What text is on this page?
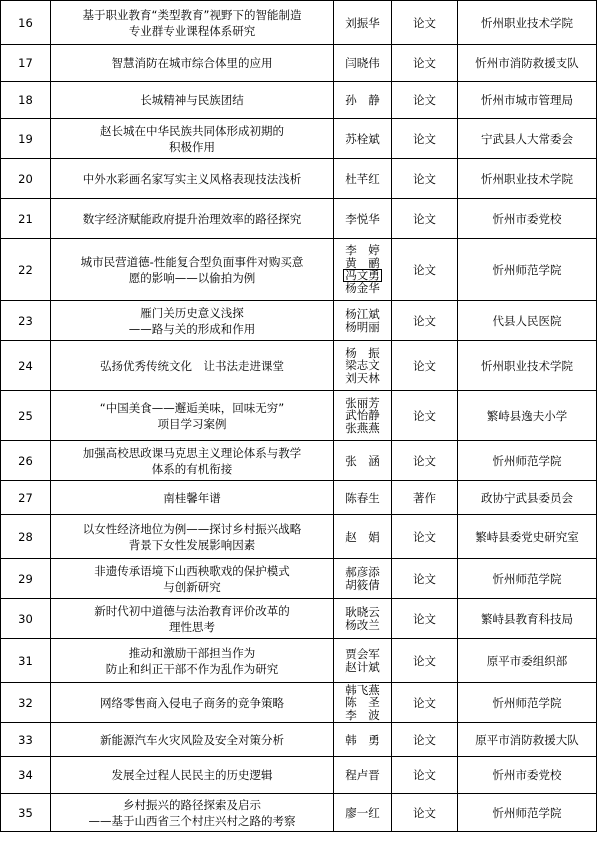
16	基于职业教育“类型教育”视野下的智能制造
专业群专业课程体系研究	刘振华	论文	忻州职业技术学院
17	智慧消防在城市综合体里的应用	闫晓伟	论文	忻州市消防救援支队
18	长城精神与民族团结	孙　静	论文	忻州市城市管理局
19	赵长城在中华民族共同体形成初期的
积极作用	苏栓斌	论文	宁武县人大常委会
20	中外水彩画名家写实主义风格表现技法浅析	杜芊红	论文	忻州职业技术学院
21	数字经济赋能政府提升治理效率的路径探究	李悦华	论文	忻州市委党校
22	城市民营道德-性能复合型负面事件对购买意
愿的影响——以偷拍为例	李　婷
黄　鹂
冯文勇
杨金华	论文	忻州师范学院
23	雁门关历史意义浅探
——路与关的形成和作用	杨江斌
杨明丽	论文	代县人民医院
24	弘扬优秀传统文化　让书法走进课堂	杨　振
梁志文
刘天林	论文	忻州职业技术学院
25	“中国美食——邂逅美味，回味无穷”
项目学习案例	张丽芳
武怡静
张燕燕	论文	繁峙县逸夫小学
26	加强高校思政课马克思主义理论体系与教学
体系的有机衔接	张　涵	论文	忻州师范学院
27	南桂馨年谱	陈春生	著作	政协宁武县委员会
28	以女性经济地位为例——探讨乡村振兴战略
背景下女性发展影响因素	赵　娟	论文	繁峙县委党史研究室
29	非遗传承语境下山西秧歌戏的保护模式
与创新研究	郝彦添
胡筱倩	论文	忻州师范学院
30	新时代初中道德与法治教育评价改革的
理性思考	耿晓云
杨改兰	论文	繁峙县教育科技局
31	推动和激励干部担当作为
防止和纠正干部不作为乱作为研究	贾会军
赵计斌	论文	原平市委组织部
32	网络零售商入侵电子商务的竞争策略	韩飞燕
陈　圣
李　波	论文	忻州师范学院
33	新能源汽车火灾风险及安全对策分析	韩　勇	论文	原平市消防救援大队
34	发展全过程人民民主的历史逻辑	程卢晋	论文	忻州市委党校
35	乡村振兴的路径探索及启示
——基于山西省三个村庄兴村之路的考察	廖一红	论文	忻州师范学院
